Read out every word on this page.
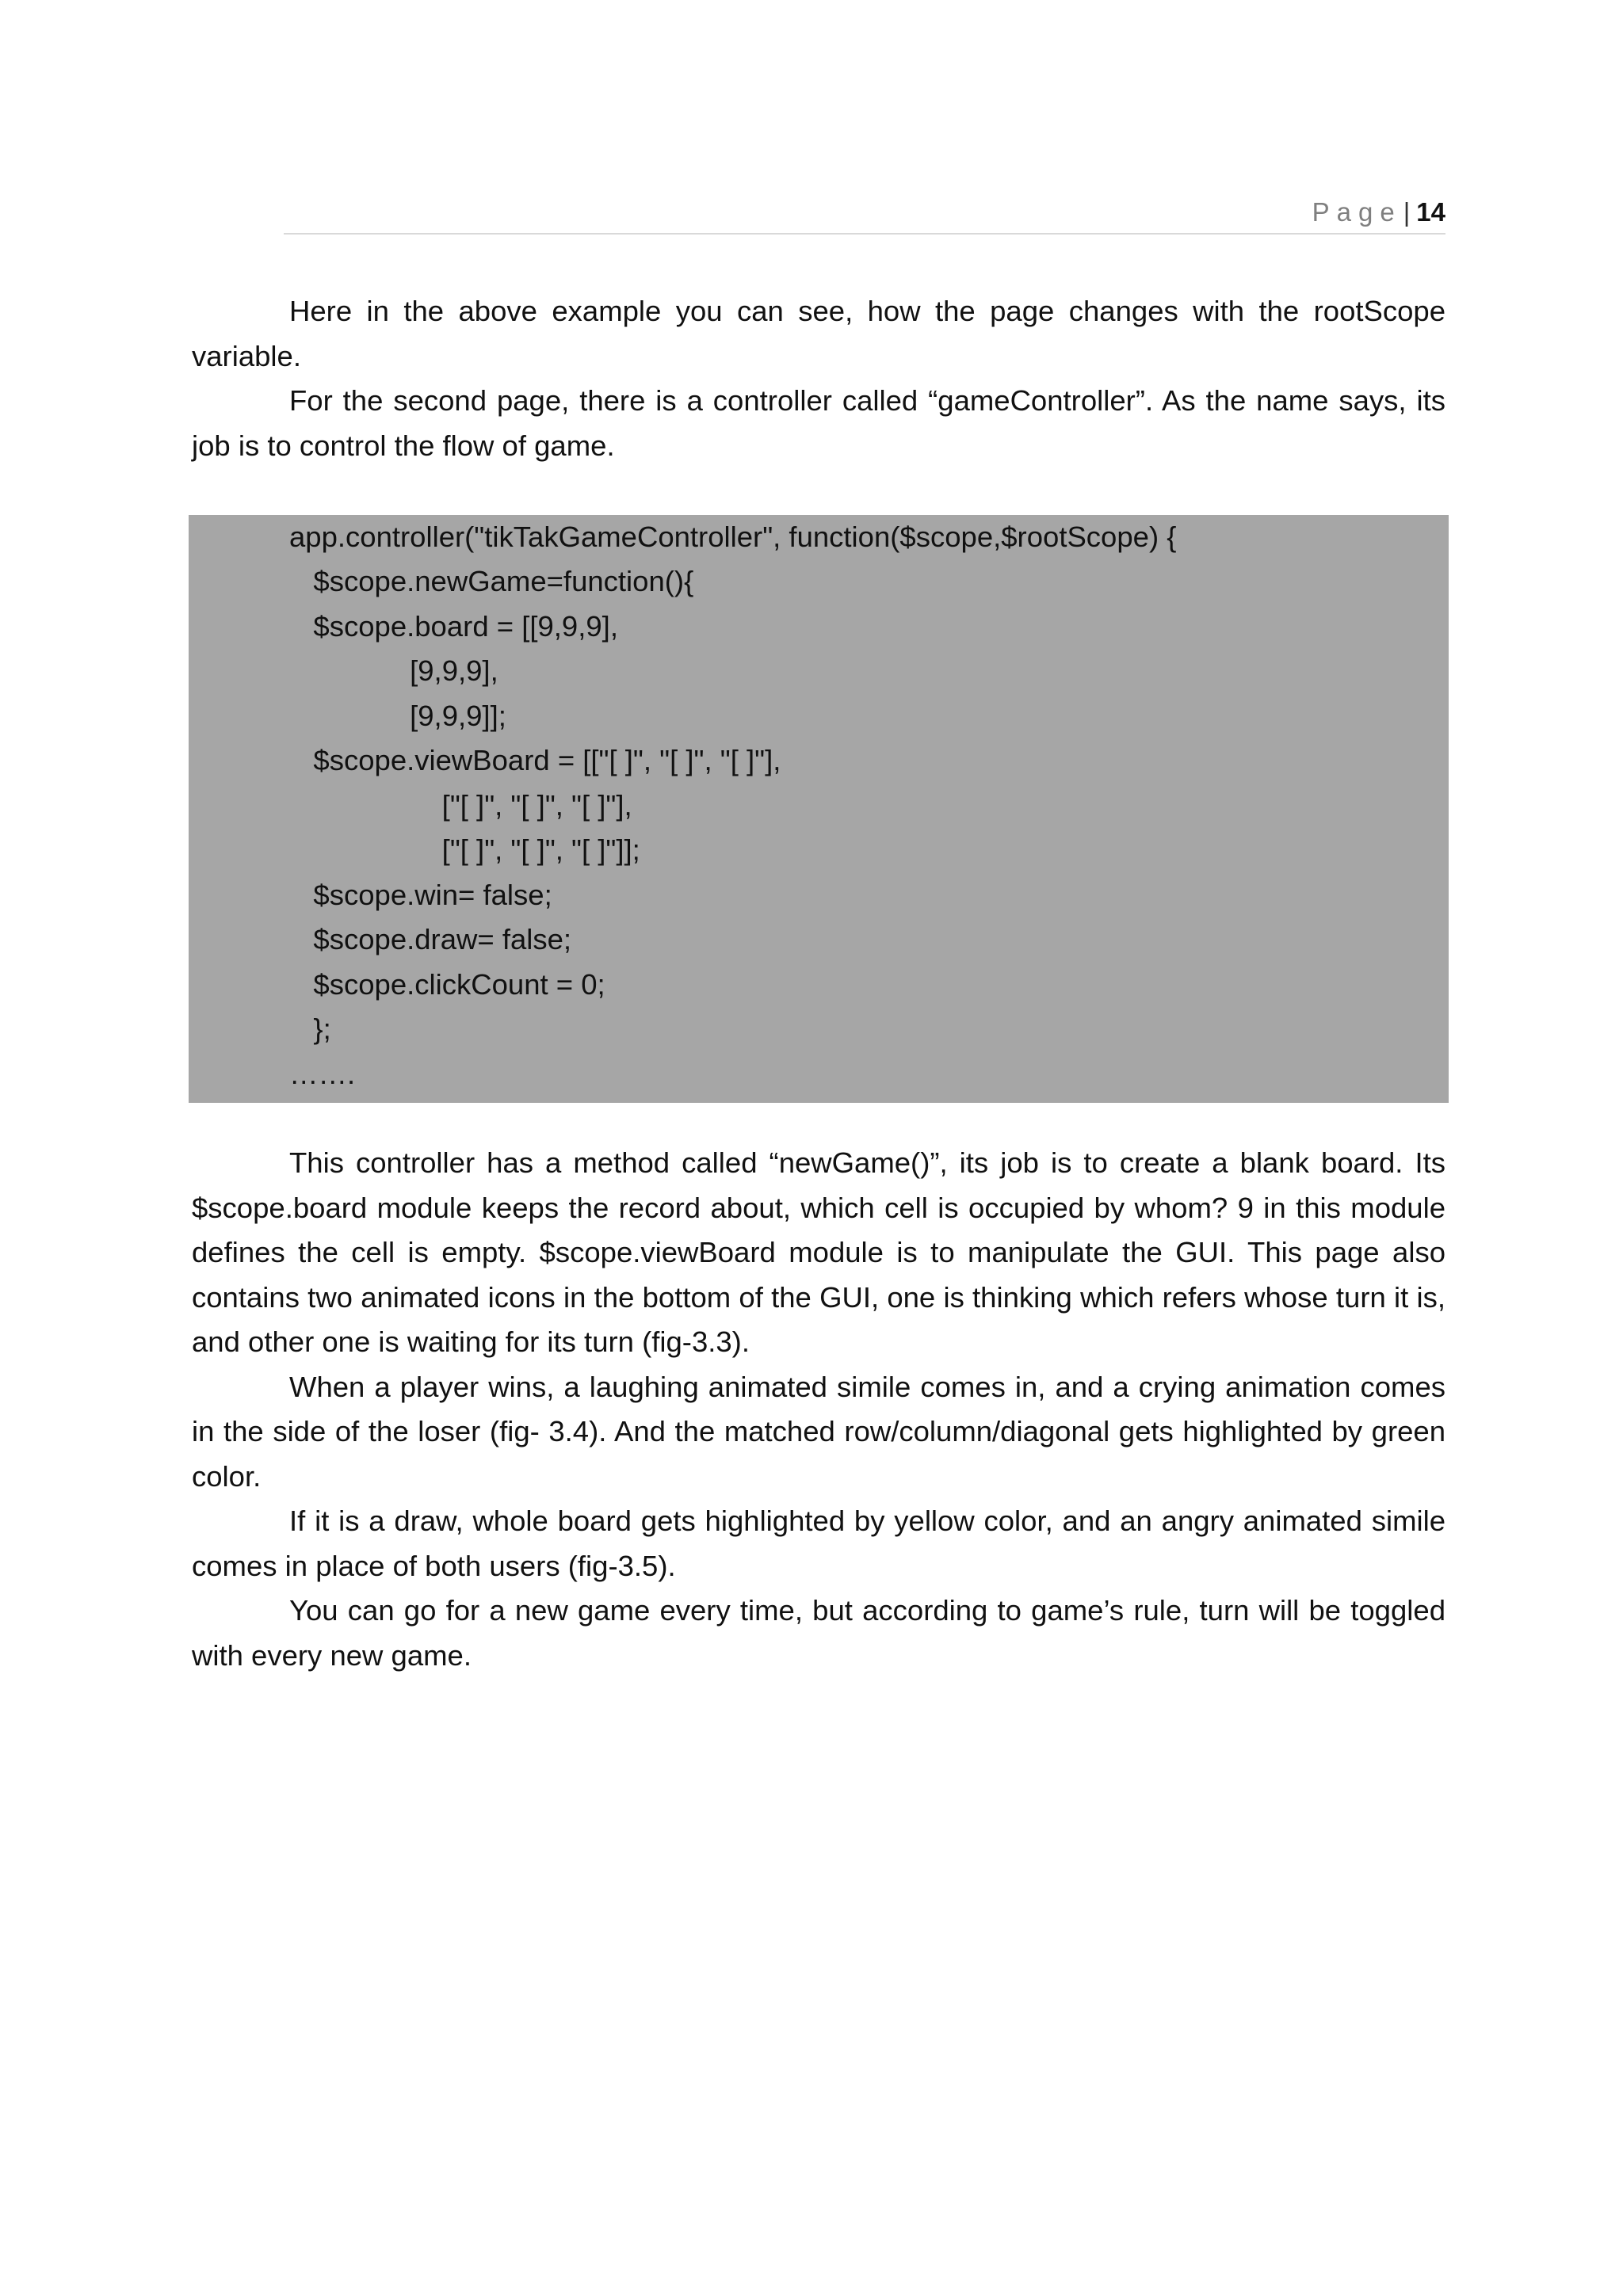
Page| 14

Here in the above example you can see, how the page changes with the rootScope variable.

For the second page, there is a controller called “gameController”. As the name says, its job is to control the flow of game.

app.controller("tikTakGameController", function($scope,$rootScope) {
$scope.newGame=function(){
$scope.board = [[9,9,9],
[9,9,9],
[9,9,9]];
$scope.viewBoard = [["[ ]", "[ ]", "[ ]"],
["[ ]", "[ ]", "[ ]"],
["[ ]", "[ ]", "[ ]"]];
$scope.win= false;
$scope.draw= false;
$scope.clickCount = 0;
};
…….

This controller has a method called “newGame()”, its job is to create a blank board. Its $scope.board module keeps the record about, which cell is occupied by whom? 9 in this module defines the cell is empty. $scope.viewBoard module is to manipulate the GUI. This page also contains two animated icons in the bottom of the GUI, one is thinking which refers whose turn it is, and other one is waiting for its turn (fig-3.3).

When a player wins, a laughing animated simile comes in, and a crying animation comes in the side of the loser (fig- 3.4). And the matched row/column/diagonal gets highlighted by green color.

If it is a draw, whole board gets highlighted by yellow color, and an angry animated simile comes in place of both users (fig-3.5).

You can go for a new game every time, but according to game’s rule, turn will be toggled with every new game.
